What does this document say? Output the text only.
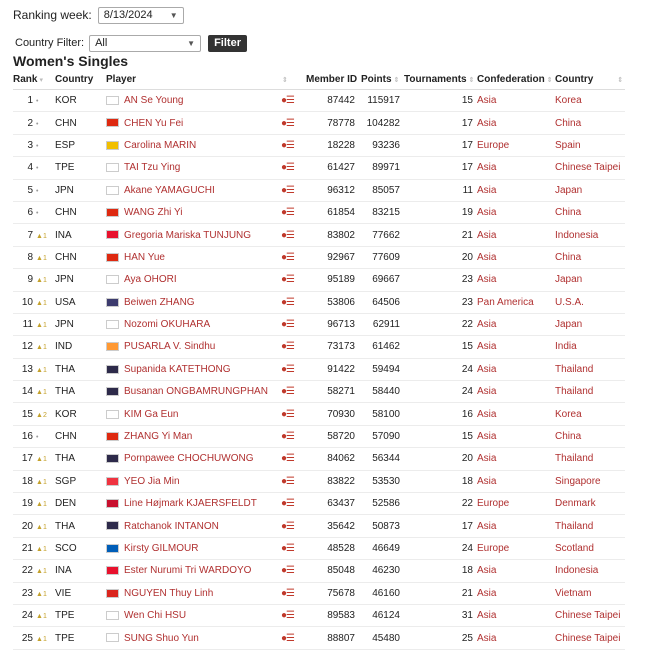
Ranking week: 8/13/2024 ▼
Country Filter: All	▼	Filter
Women's Singles
Rank ▾	Country	Player ⇕	Member ID	Points ⇕	Tournaments ⇕	Confederation ⇕	Country ⇕
1 •	KOR	AN Se Young ●☰	87442	115917	15	Asia	Korea
2 •	CHN	CHEN Yu Fei ●☰	78778	104282	17	Asia	China
3 •	ESP	Carolina MARIN ●☰	18228	93236	17	Europe	Spain
4 •	TPE	TAI Tzu Ying ●☰	61427	89971	17	Asia	Chinese Taipei
5 •	JPN	Akane YAMAGUCHI ●☰	96312	85057	11	Asia	Japan
6 •	CHN	WANG Zhi Yi ●☰	61854	83215	19	Asia	China
7 ▲1	INA	Gregoria Mariska TUNJUNG ●☰	83802	77662	21	Asia	Indonesia
8 ▲1	CHN	HAN Yue ●☰	92967	77609	20	Asia	China
9 ▲1	JPN	Aya OHORI ●☰	95189	69667	23	Asia	Japan
10 ▲1	USA	Beiwen ZHANG ●☰	53806	64506	23	Pan America	U.S.A.
11 ▲1	JPN	Nozomi OKUHARA ●☰	96713	62911	22	Asia	Japan
12 ▲1	IND	PUSARLA V. Sindhu ●☰	73173	61462	15	Asia	India
13 ▲1	THA	Supanida KATETHONG ●☰	91422	59494	24	Asia	Thailand
14 ▲1	THA	Busanan ONGBAMRUNGPHAN ●☰	58271	58440	24	Asia	Thailand
15 ▲2	KOR	KIM Ga Eun ●☰	70930	58100	16	Asia	Korea
16 •	CHN	ZHANG Yi Man ●☰	58720	57090	15	Asia	China
17 ▲1	THA	Pornpawee CHOCHUWONG ●☰	84062	56344	20	Asia	Thailand
18 ▲1	SGP	YEO Jia Min ●☰	83822	53530	18	Asia	Singapore
19 ▲1	DEN	Line Højmark KJAERSFELDT ●☰	63437	52586	22	Europe	Denmark
20 ▲1	THA	Ratchanok INTANON ●☰	35642	50873	17	Asia	Thailand
21 ▲1	SCO	Kirsty GILMOUR ●☰	48528	46649	24	Europe	Scotland
22 ▲1	INA	Ester Nurumi Tri WARDOYO ●☰	85048	46230	18	Asia	Indonesia
23 ▲1	VIE	NGUYEN Thuy Linh ●☰	75678	46160	21	Asia	Vietnam
24 ▲1	TPE	Wen Chi HSU ●☰	89583	46124	31	Asia	Chinese Taipei
25 ▲1	TPE	SUNG Shuo Yun ●☰	88807	45480	25	Asia	Chinese Taipei
